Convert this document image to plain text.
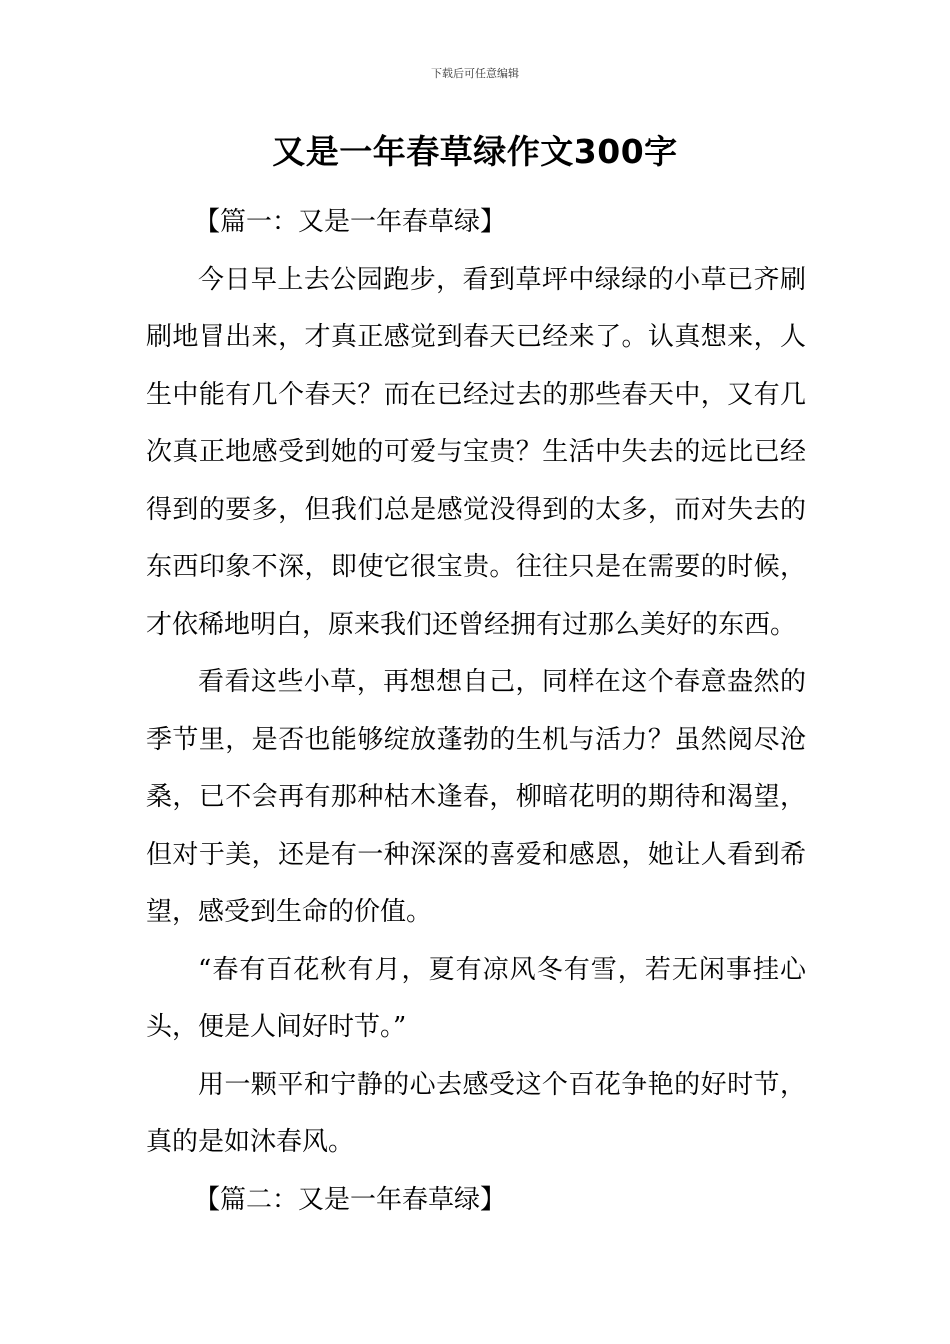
下载后可任意编辑
又是一年春草绿作文300字

【篇一：又是一年春草绿】

今日早上去公园跑步，看到草坪中绿绿的小草已齐刷刷地冒出来，才真正感觉到春天已经来了。认真想来，人生中能有几个春天？而在已经过去的那些春天中，又有几次真正地感受到她的可爱与宝贵？生活中失去的远比已经得到的要多，但我们总是感觉没得到的太多，而对失去的东西印象不深，即使它很宝贵。往往只是在需要的时候，才依稀地明白，原来我们还曾经拥有过那么美好的东西。

看看这些小草，再想想自己，同样在这个春意盎然的季节里，是否也能够绽放蓬勃的生机与活力？虽然阅尽沧桑，已不会再有那种枯木逢春，柳暗花明的期待和渴望，但对于美，还是有一种深深的喜爱和感恩，她让人看到希望，感受到生命的价值。

“春有百花秋有月，夏有凉风冬有雪，若无闲事挂心头，便是人间好时节。”

用一颗平和宁静的心去感受这个百花争艳的好时节，真的是如沐春风。

【篇二：又是一年春草绿】
